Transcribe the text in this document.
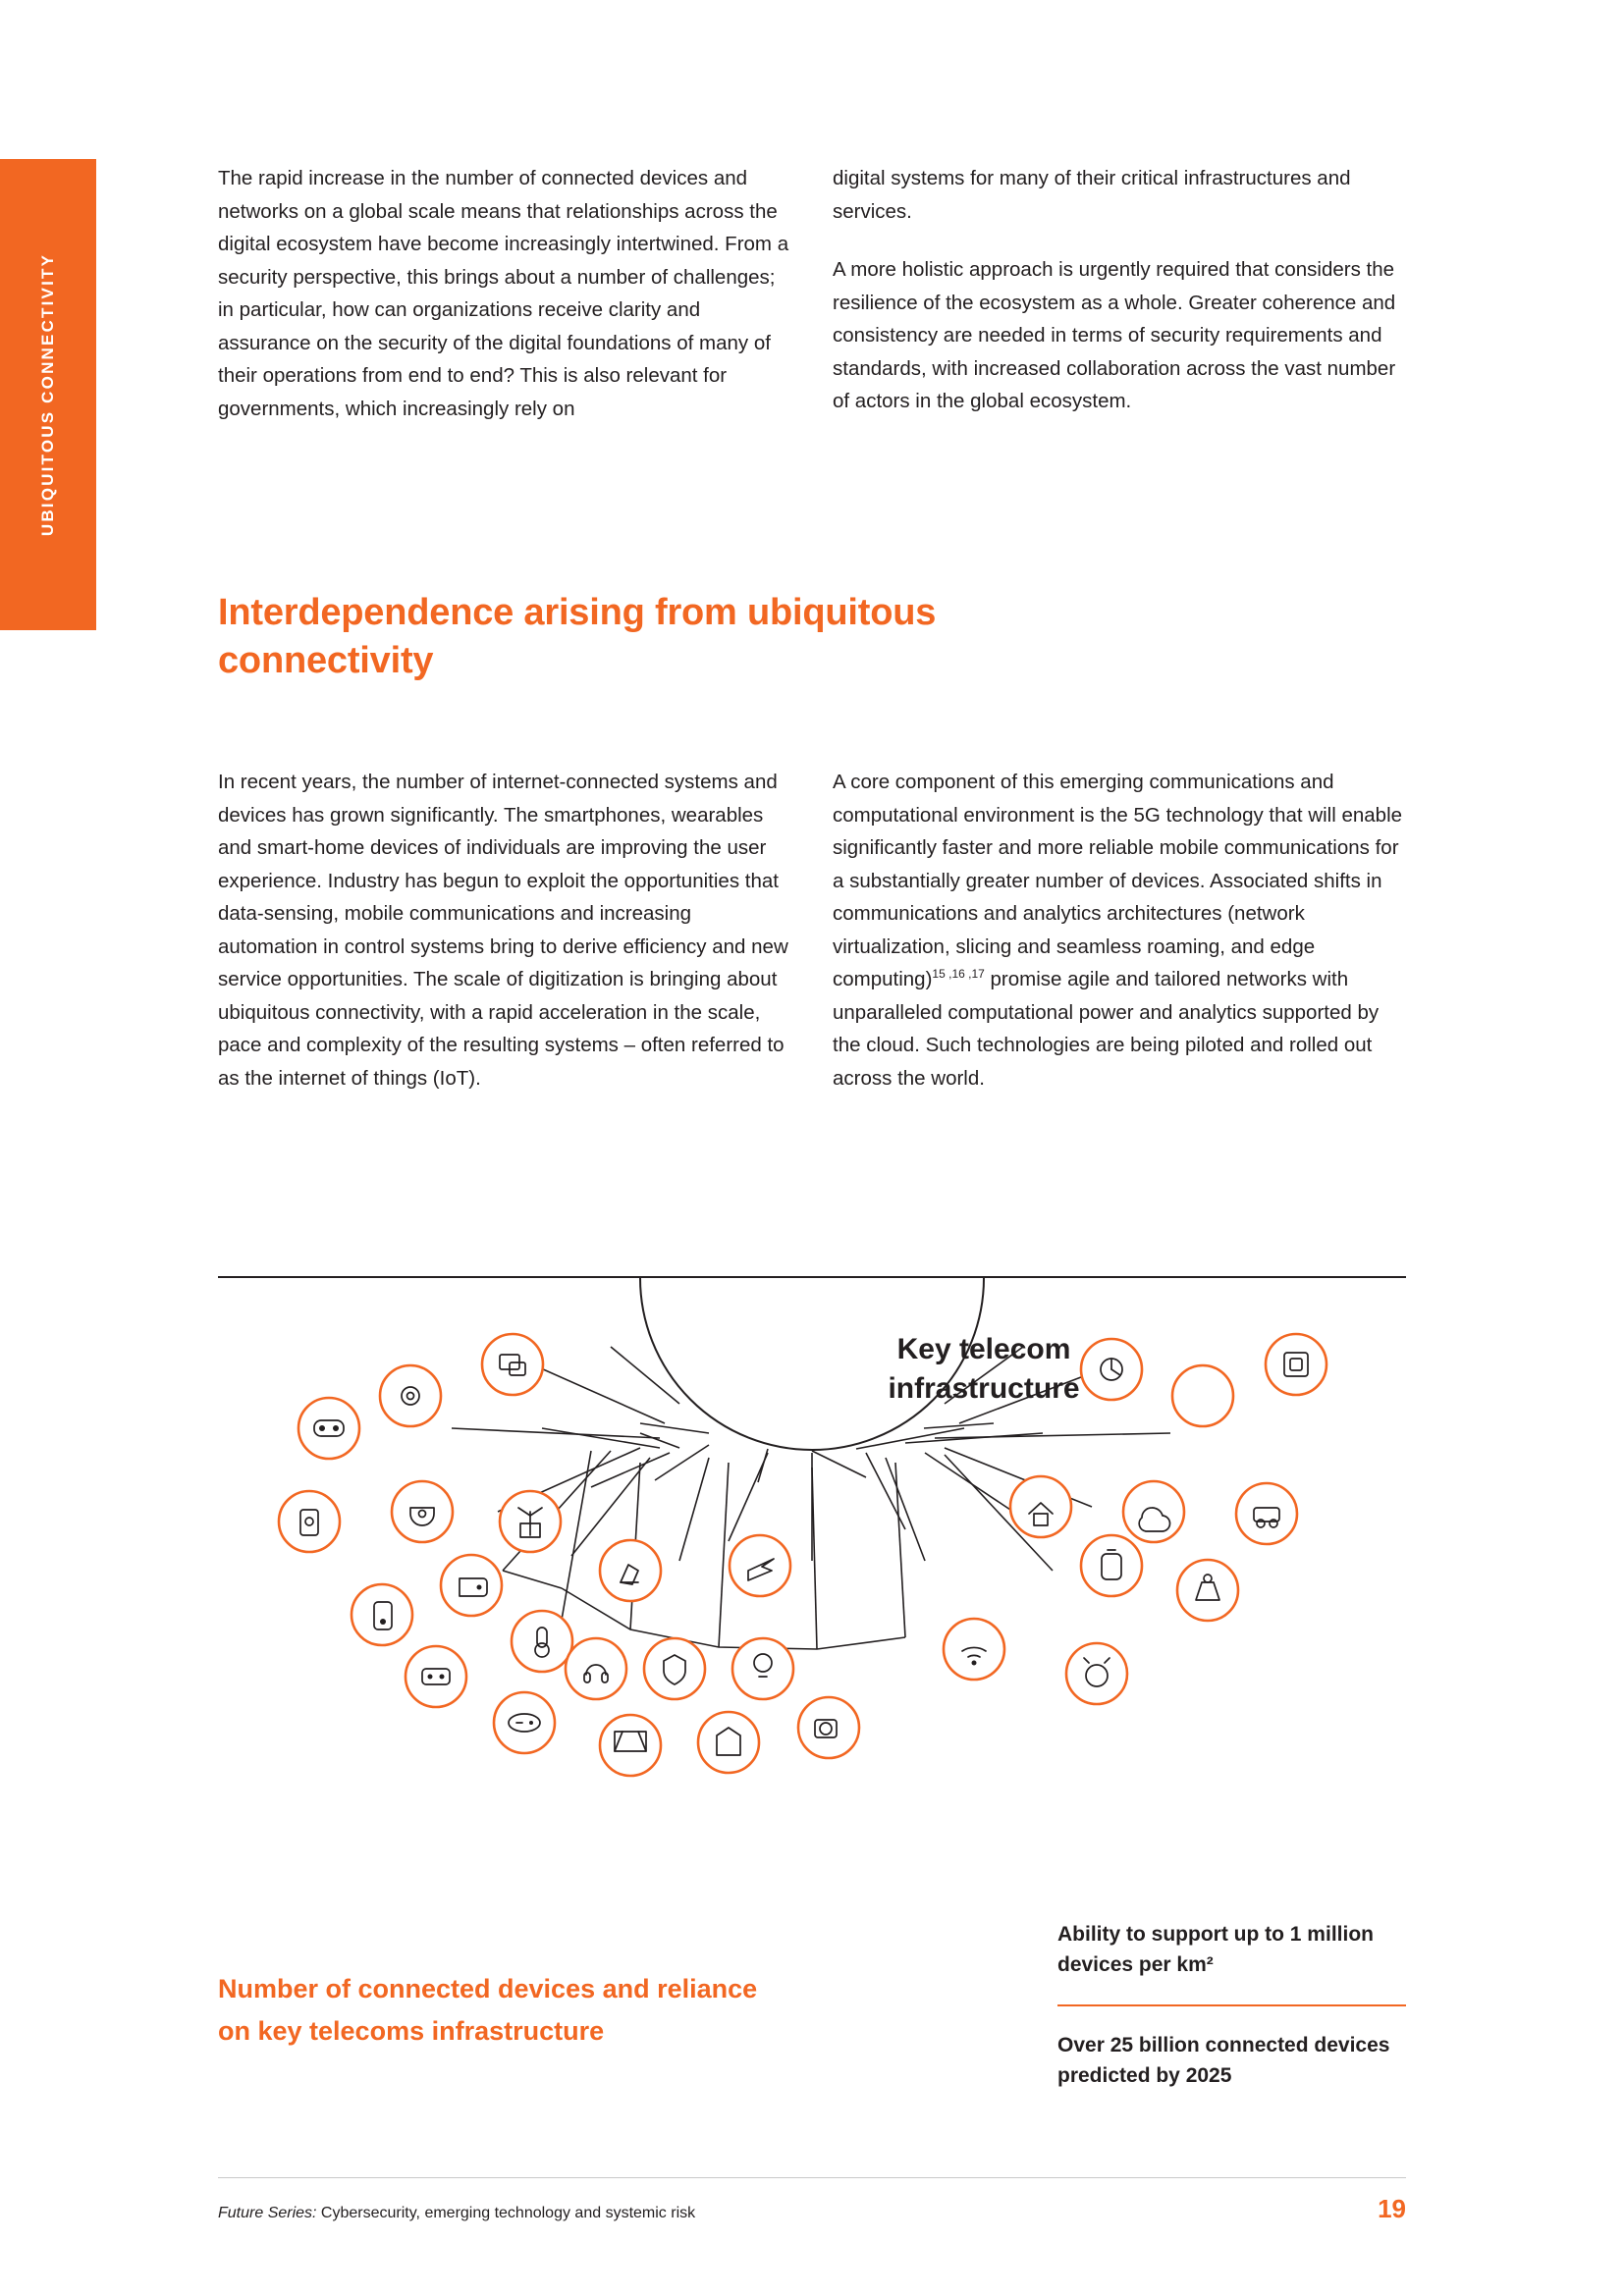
UBIQUITOUS CONNECTIVITY

The rapid increase in the number of connected devices and networks on a global scale means that relationships across the digital ecosystem have become increasingly intertwined. From a security perspective, this brings about a number of challenges; in particular, how can organizations receive clarity and assurance on the security of the digital foundations of many of their operations from end to end? This is also relevant for governments, which increasingly rely on

digital systems for many of their critical infrastructures and services.

A more holistic approach is urgently required that considers the resilience of the ecosystem as a whole. Greater coherence and consistency are needed in terms of security requirements and standards, with increased collaboration across the vast number of actors in the global ecosystem.

Interdependence arising from ubiquitous connectivity

In recent years, the number of internet-connected systems and devices has grown significantly. The smartphones, wearables and smart-home devices of individuals are improving the user experience. Industry has begun to exploit the opportunities that data-sensing, mobile communications and increasing automation in control systems bring to derive efficiency and new service opportunities. The scale of digitization is bringing about ubiquitous connectivity, with a rapid acceleration in the scale, pace and complexity of the resulting systems – often referred to as the internet of things (IoT).

A core component of this emerging communications and computational environment is the 5G technology that will enable significantly faster and more reliable mobile communications for a substantially greater number of devices. Associated shifts in communications and analytics architectures (network virtualization, slicing and seamless roaming, and edge computing)$^{15 ,16 ,17}$ promise agile and tailored networks with unparalleled computational power and analytics supported by the cloud. Such technologies are being piloted and rolled out across the world.

Key telecom infrastructure
Number of connected devices and reliance on key telecoms infrastructure
Ability to support up to 1 million devices per km²
Over 25 billion connected devices predicted by 2025
Future Series: Cybersecurity, emerging technology and systemic risk	19
